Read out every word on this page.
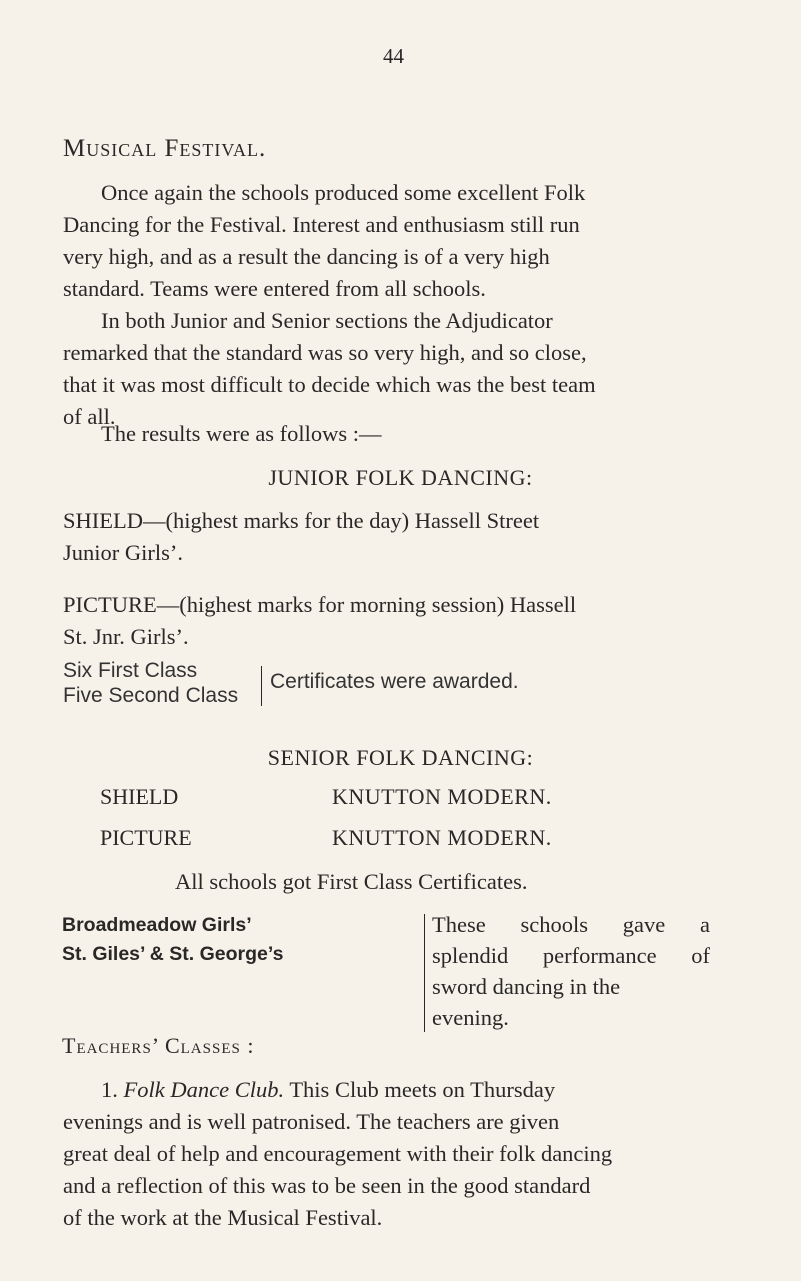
44
Musical Festival.
Once again the schools produced some excellent Folk
Dancing for the Festival. Interest and enthusiasm still run
very high, and as a result the dancing is of a very high
standard. Teams were entered from all schools.
In both Junior and Senior sections the Adjudicator
remarked that the standard was so very high, and so close,
that it was most difficult to decide which was the best team
of all.
The results were as follows :—
JUNIOR FOLK DANCING:
SHIELD—(highest marks for the day) Hassell Street
Junior Girls’.
PICTURE—(highest marks for morning session) Hassell
St. Jnr. Girls’.
Six First Class
Five Second Class
Certificates were awarded.
SENIOR FOLK DANCING:
SHIELD	KNUTTON MODERN.
PICTURE	KNUTTON MODERN.
All schools got First Class Certificates.
Broadmeadow Girls’
St. Giles’ & St. George’s
These schools gave a
splendid performance of
sword dancing in the
evening.
Teachers’ Classes :
1. Folk Dance Club. This Club meets on Thursday
evenings and is well patronised. The teachers are given
great deal of help and encouragement with their folk dancing
and a reflection of this was to be seen in the good standard
of the work at the Musical Festival.
